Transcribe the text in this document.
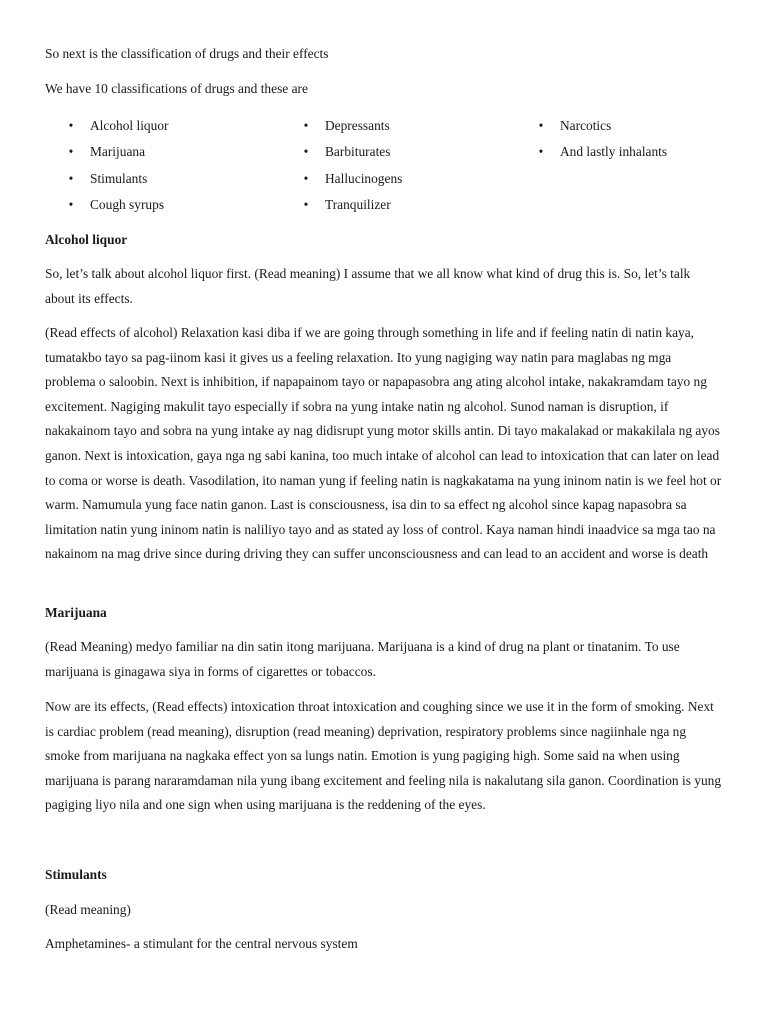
So next is the classification of drugs and their effects

We have 10 classifications of drugs and these are

• Alcohol liquor
• Marijuana
• Stimulants
• Cough syrups
• Depressants
• Barbiturates
• Hallucinogens
• Tranquilizer
• Narcotics
• And lastly inhalants

Alcohol liquor

So, let’s talk about alcohol liquor first. (Read meaning) I assume that we all know what kind of drug this is. So, let’s talk about its effects.

(Read effects of alcohol) Relaxation kasi diba if we are going through something in life and if feeling natin di natin kaya, tumatakbo tayo sa pag-iinom kasi it gives us a feeling relaxation. Ito yung nagiging way natin para maglabas ng mga problema o saloobin. Next is inhibition, if napapainom tayo or napapasobra ang ating alcohol intake, nakakramdam tayo ng excitement. Nagiging makulit tayo especially if sobra na yung intake natin ng alcohol. Sunod naman is disruption, if nakakainom tayo and sobra na yung intake ay nag didisrupt yung motor skills antin. Di tayo makalakad or makakilala ng ayos ganon. Next is intoxication, gaya nga ng sabi kanina, too much intake of alcohol can lead to intoxication that can later on lead to coma or worse is death. Vasodilation, ito naman yung if feeling natin is nagkakatama na yung ininom natin is we feel hot or warm. Namumula yung face natin ganon. Last is consciousness, isa din to sa effect ng alcohol since kapag napasobra sa limitation natin yung ininom natin is naliliyo tayo and as stated ay loss of control. Kaya naman hindi inaadvice sa mga tao na nakainom na mag drive since during driving they can suffer unconsciousness and can lead to an accident and worse is death

Marijuana

(Read Meaning) medyo familiar na din satin itong marijuana. Marijuana is a kind of drug na plant or tinatanim. To use marijuana is ginagawa siya in forms of cigarettes or tobaccos.

Now are its effects, (Read effects) intoxication throat intoxication and coughing since we use it in the form of smoking. Next is cardiac problem (read meaning), disruption (read meaning) deprivation, respiratory problems since nagiinhale nga ng smoke from marijuana na nagkaka effect yon sa lungs natin. Emotion is yung pagiging high. Some said na when using marijuana is parang nararamdaman nila yung ibang excitement and feeling nila is nakalutang sila ganon. Coordination is yung pagiging liyo nila and one sign when using marijuana is the reddening of the eyes.

Stimulants

(Read meaning)

Amphetamines- a stimulant for the central nervous system
